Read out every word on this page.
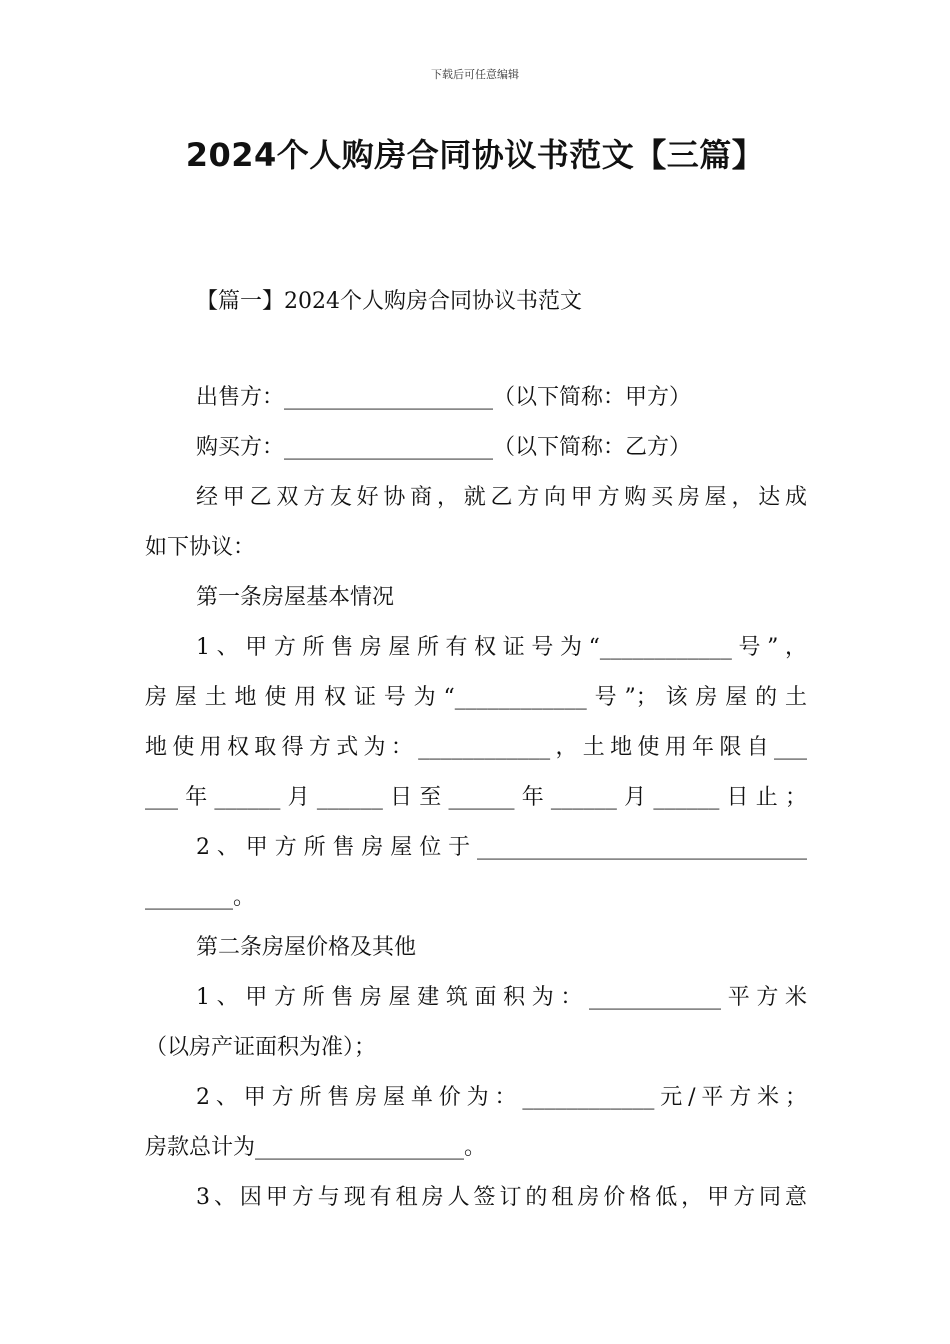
下载后可任意编辑
2024个人购房合同协议书范文【三篇】
【篇一】2024个人购房合同协议书范文
出售方：___________________（以下简称：甲方）
购买方：___________________（以下简称：乙方）
经甲乙双方友好协商，就乙方向甲方购买房屋，达成
如下协议：
第一条房屋基本情况
1、甲方所售房屋所有权证号为“____________号”，
房屋土地使用权证号为“____________号”；该房屋的土
地使用权取得方式为：____________，土地使用年限自___
___年______月______日至______年______月______日止；
2、甲方所售房屋位于______________________________
________。
第二条房屋价格及其他
1、甲方所售房屋建筑面积为：____________平方米
（以房产证面积为准）；
2、甲方所售房屋单价为：____________元/平方米；
房款总计为___________________。
3、因甲方与现有租房人签订的租房价格低，甲方同意
